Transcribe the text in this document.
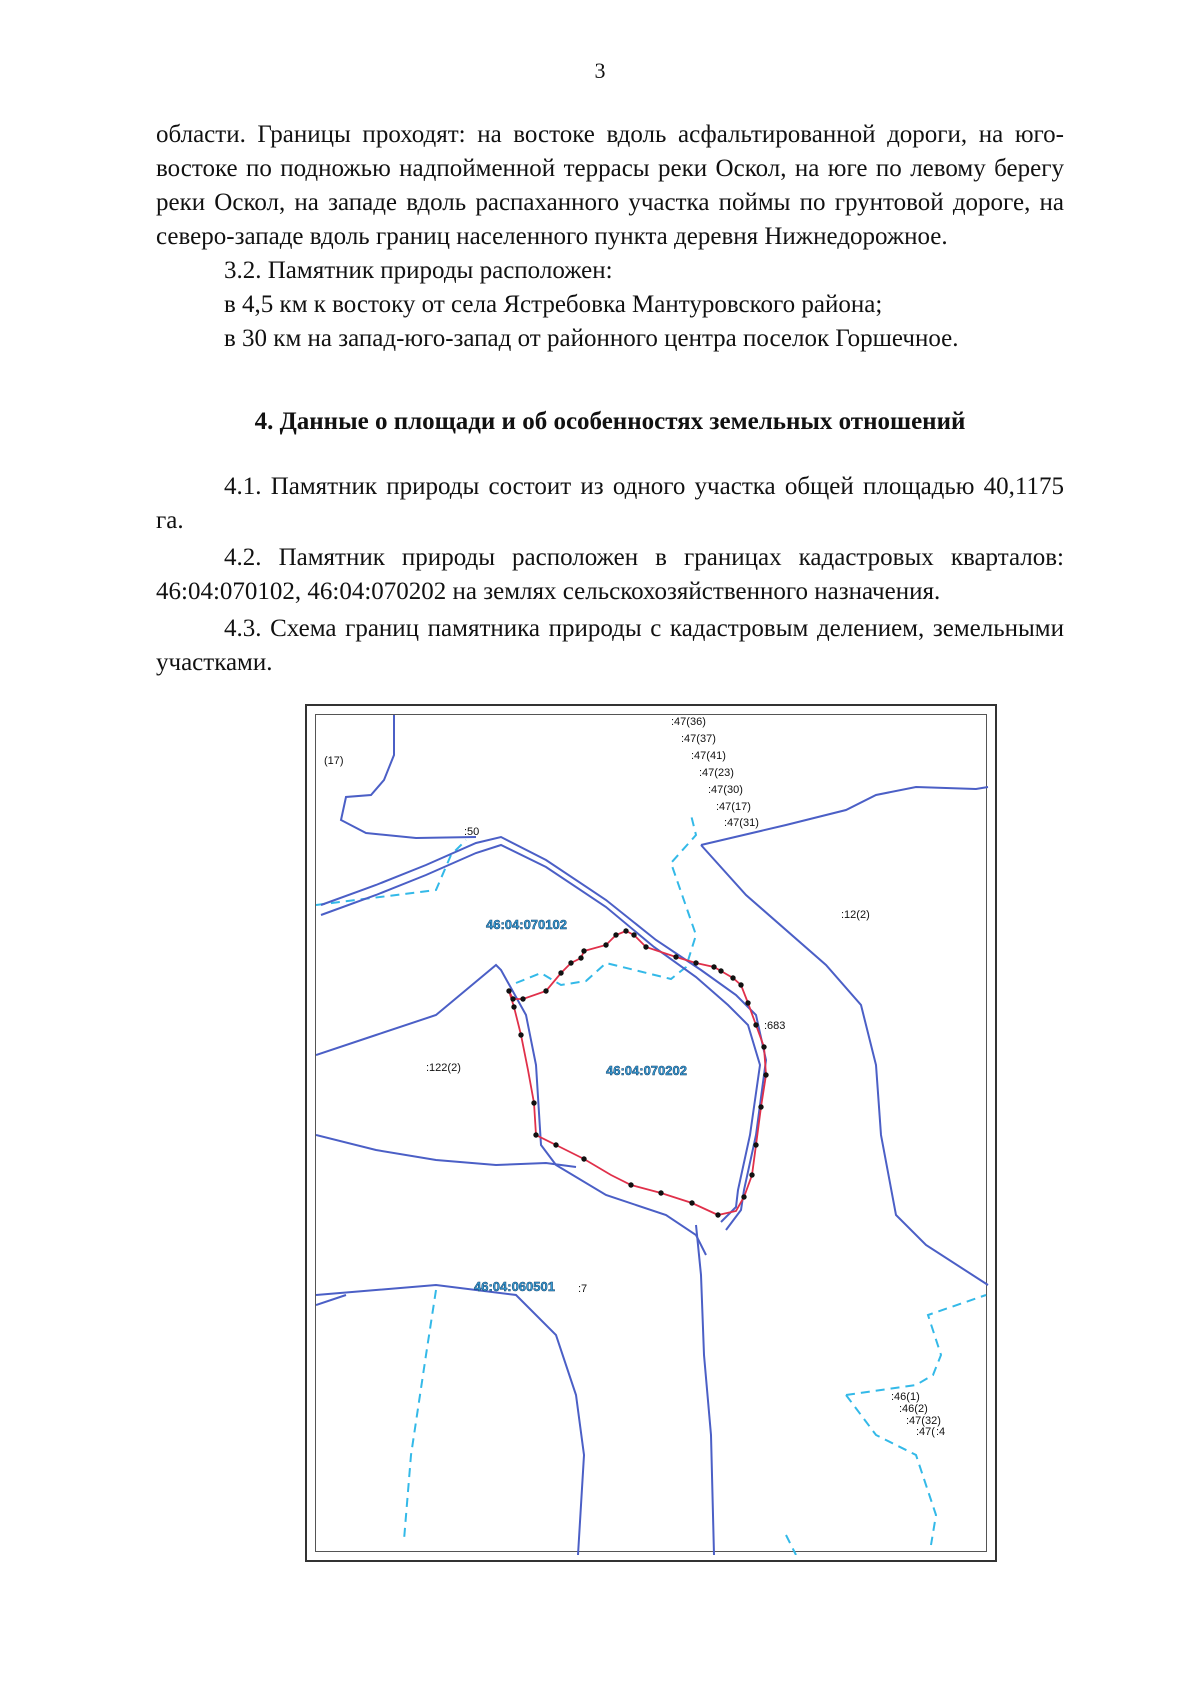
3

области. Границы проходят: на востоке вдоль асфальтированной дороги, на юго-востоке по подножью надпойменной террасы реки Оскол, на юге по левому берегу реки Оскол, на западе вдоль распаханного участка поймы по грунтовой дороге, на северо-западе вдоль границ населенного пункта деревня Нижнедорожное.

3.2. Памятник природы расположен:

в 4,5 км к востоку от села Ястребовка Мантуровского района;

в 30 км на запад-юго-запад от районного центра поселок Горшечное.

4. Данные о площади и об особенностях земельных отношений

4.1. Памятник природы состоит из одного участка общей площадью 40,1175 га.

4.2. Памятник природы расположен в границах кадастровых кварталов: 46:04:070102, 46:04:070202 на землях сельскохозяйственного назначения.

4.3. Схема границ памятника природы с кадастровым делением, земельными участками.

(17)
:50
:12(2)
:683
:122(2)
:7
46:04:070102
46:04:070202
46:04:060501
:47(36)
:47(37)
:47(41)
:47(23)
:47(30)
:47(17)
:47(31)
:46(1)
:46(2)
:47(32)
:47( :4
